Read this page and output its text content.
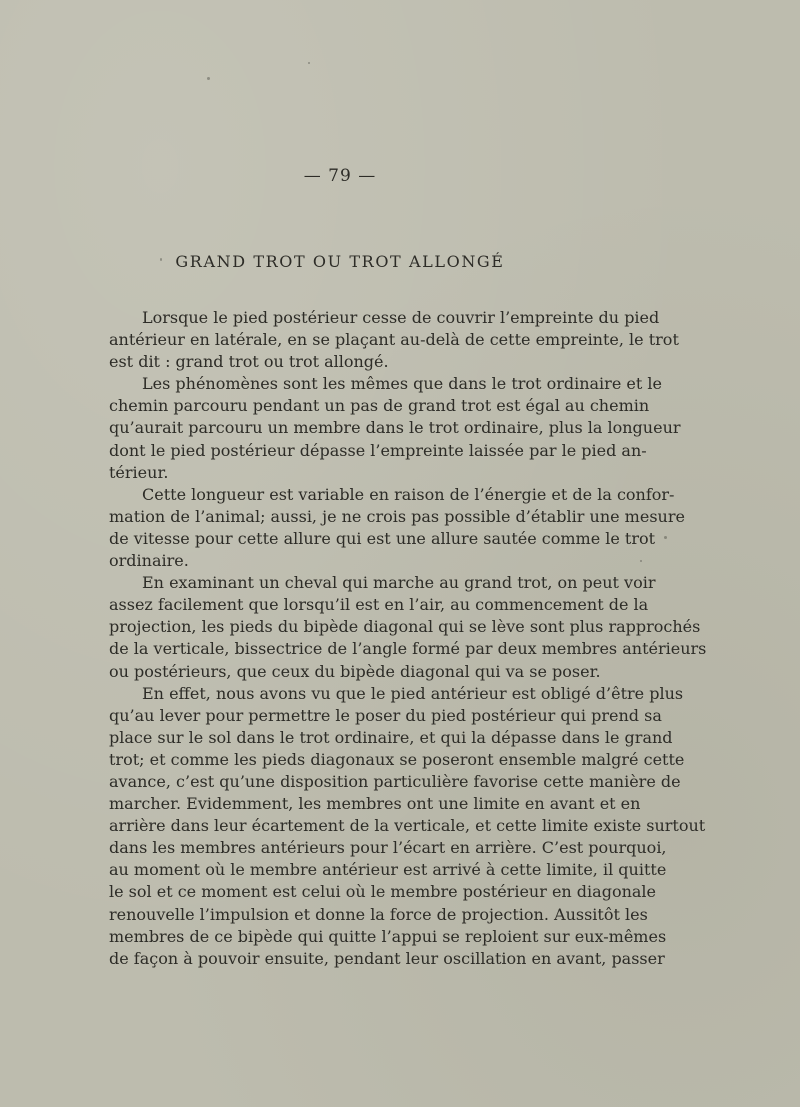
— 79 —
GRAND TROT OU TROT ALLONGÉ
Lorsque le pied postérieur cesse de couvrir l’empreinte du pied
antérieur en latérale, en se plaçant au-delà de cette empreinte, le trot
est dit : grand trot ou trot allongé.
Les phénomènes sont les mêmes que dans le trot ordinaire et le
chemin parcouru pendant un pas de grand trot est égal au chemin
qu’aurait parcouru un membre dans le trot ordinaire, plus la longueur
dont le pied postérieur dépasse l’empreinte laissée par le pied an-
térieur.
Cette longueur est variable en raison de l’énergie et de la confor-
mation de l’animal; aussi, je ne crois pas possible d’établir une mesure
de vitesse pour cette allure qui est une allure sautée comme le trot
ordinaire.
En examinant un cheval qui marche au grand trot, on peut voir
assez facilement que lorsqu’il est en l’air, au commencement de la
projection, les pieds du bipède diagonal qui se lève sont plus rapprochés
de la verticale, bissectrice de l’angle formé par deux membres antérieurs
ou postérieurs, que ceux du bipède diagonal qui va se poser.
En effet, nous avons vu que le pied antérieur est obligé d’être plus
qu’au lever pour permettre le poser du pied postérieur qui prend sa
place sur le sol dans le trot ordinaire, et qui la dépasse dans le grand
trot; et comme les pieds diagonaux se poseront ensemble malgré cette
avance, c’est qu’une disposition particulière favorise cette manière de
marcher. Evidemment, les membres ont une limite en avant et en
arrière dans leur écartement de la verticale, et cette limite existe surtout
dans les membres antérieurs pour l’écart en arrière. C’est pourquoi,
au moment où le membre antérieur est arrivé à cette limite, il quitte
le sol et ce moment est celui où le membre postérieur en diagonale
renouvelle l’impulsion et donne la force de projection. Aussitôt les
membres de ce bipède qui quitte l’appui se reploient sur eux-mêmes
de façon à pouvoir ensuite, pendant leur oscillation en avant, passer
